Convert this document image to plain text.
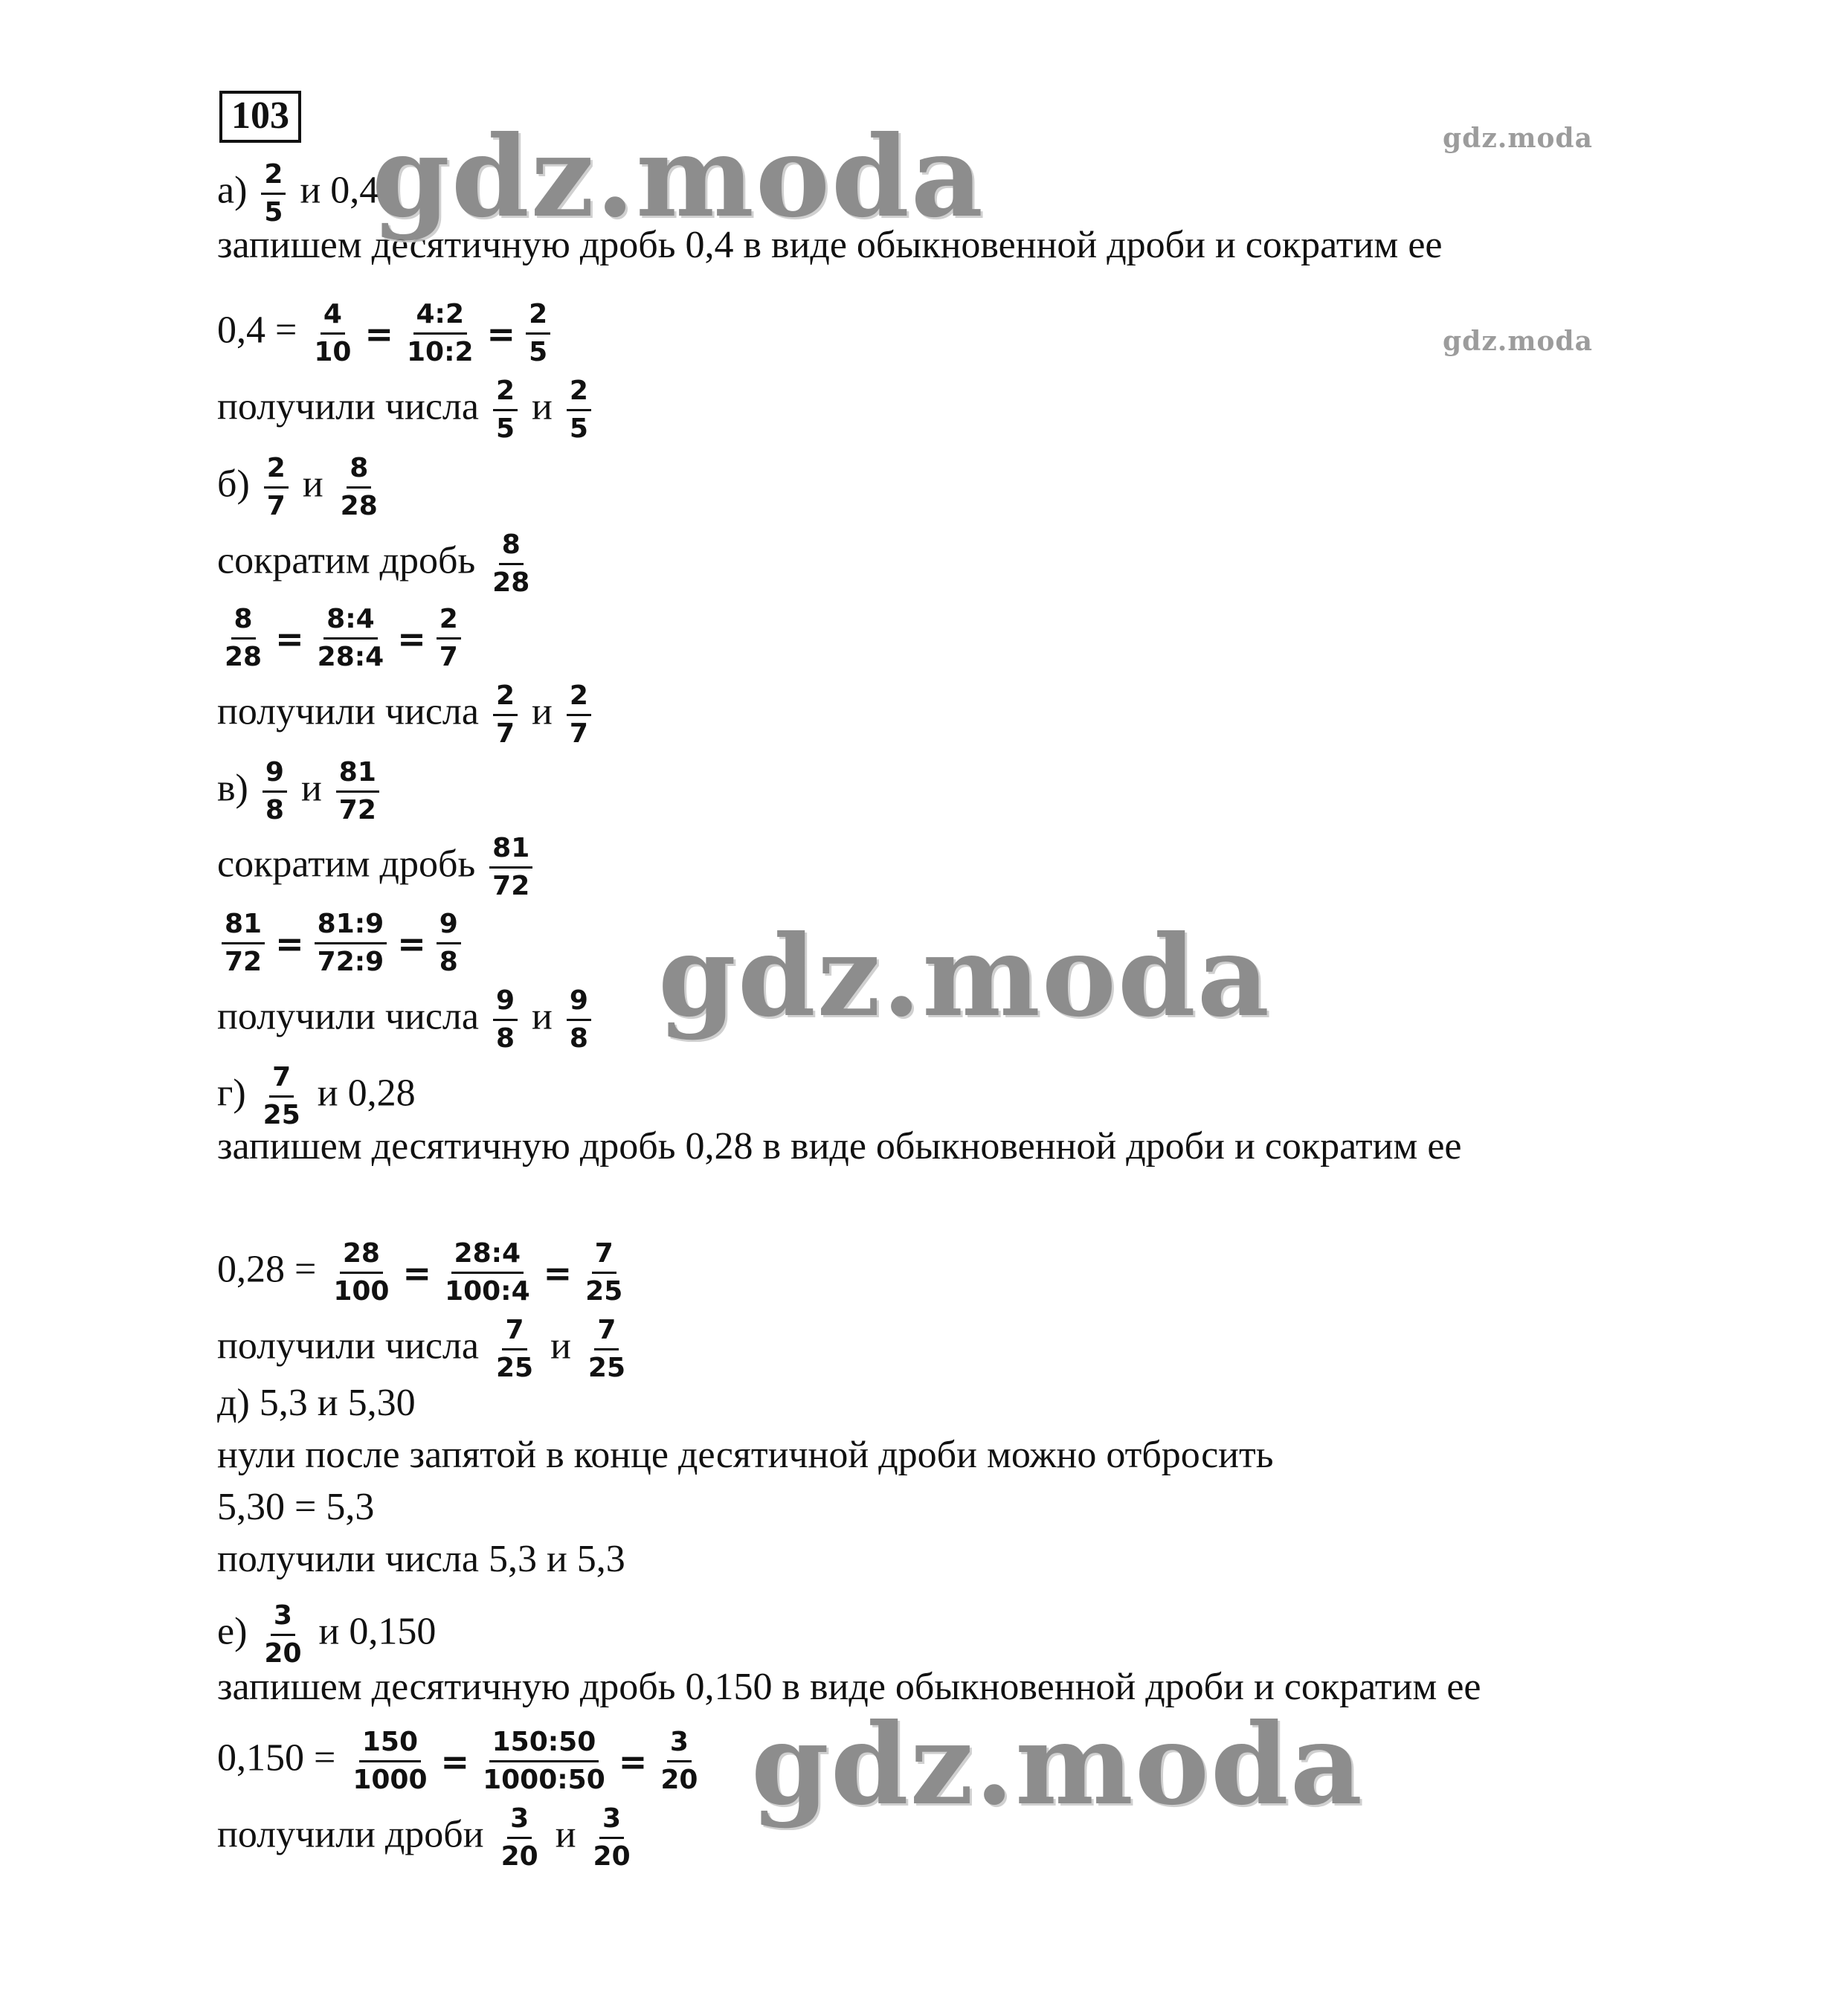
103
$а) \frac{2}{5}$ и 0,4
запишем десятичную дробь 0,4 в виде обыкновенной дроби и сократим ее
$0,4 = \frac{4}{10} = \frac{4:2}{10:2} = \frac{2}{5}$
получили числа $\frac{2}{5}$ и $\frac{2}{5}$
$б) \frac{2}{7}$ и $\frac{8}{28}$
сократим дробь $\frac{8}{28}$
$\frac{8}{28} = \frac{8:4}{28:4} = \frac{2}{7}$
получили числа $\frac{2}{7}$ и $\frac{2}{7}$
$в) \frac{9}{8}$ и $\frac{81}{72}$
сократим дробь $\frac{81}{72}$
$\frac{81}{72} = \frac{81:9}{72:9} = \frac{9}{8}$
получили числа $\frac{9}{8}$ и $\frac{9}{8}$
$г) \frac{7}{25}$ и 0,28
запишем десятичную дробь 0,28 в виде обыкновенной дроби и сократим ее
$0,28 = \frac{28}{100} = \frac{28:4}{100:4} = \frac{7}{25}$
получили числа $\frac{7}{25}$ и $\frac{7}{25}$
д) 5,3 и 5,30
нули после запятой в конце десятичной дроби можно отбросить
5,30 = 5,3
получили числа 5,3 и 5,3
$е) \frac{3}{20}$ и 0,150
запишем десятичную дробь 0,150 в виде обыкновенной дроби и сократим ее
$0,150 = \frac{150}{1000} = \frac{150:50}{1000:50} = \frac{3}{20}$
получили дроби $\frac{3}{20}$ и $\frac{3}{20}$
gdz.moda
gdz.moda
gdz.moda
gdz.moda
gdz.moda
